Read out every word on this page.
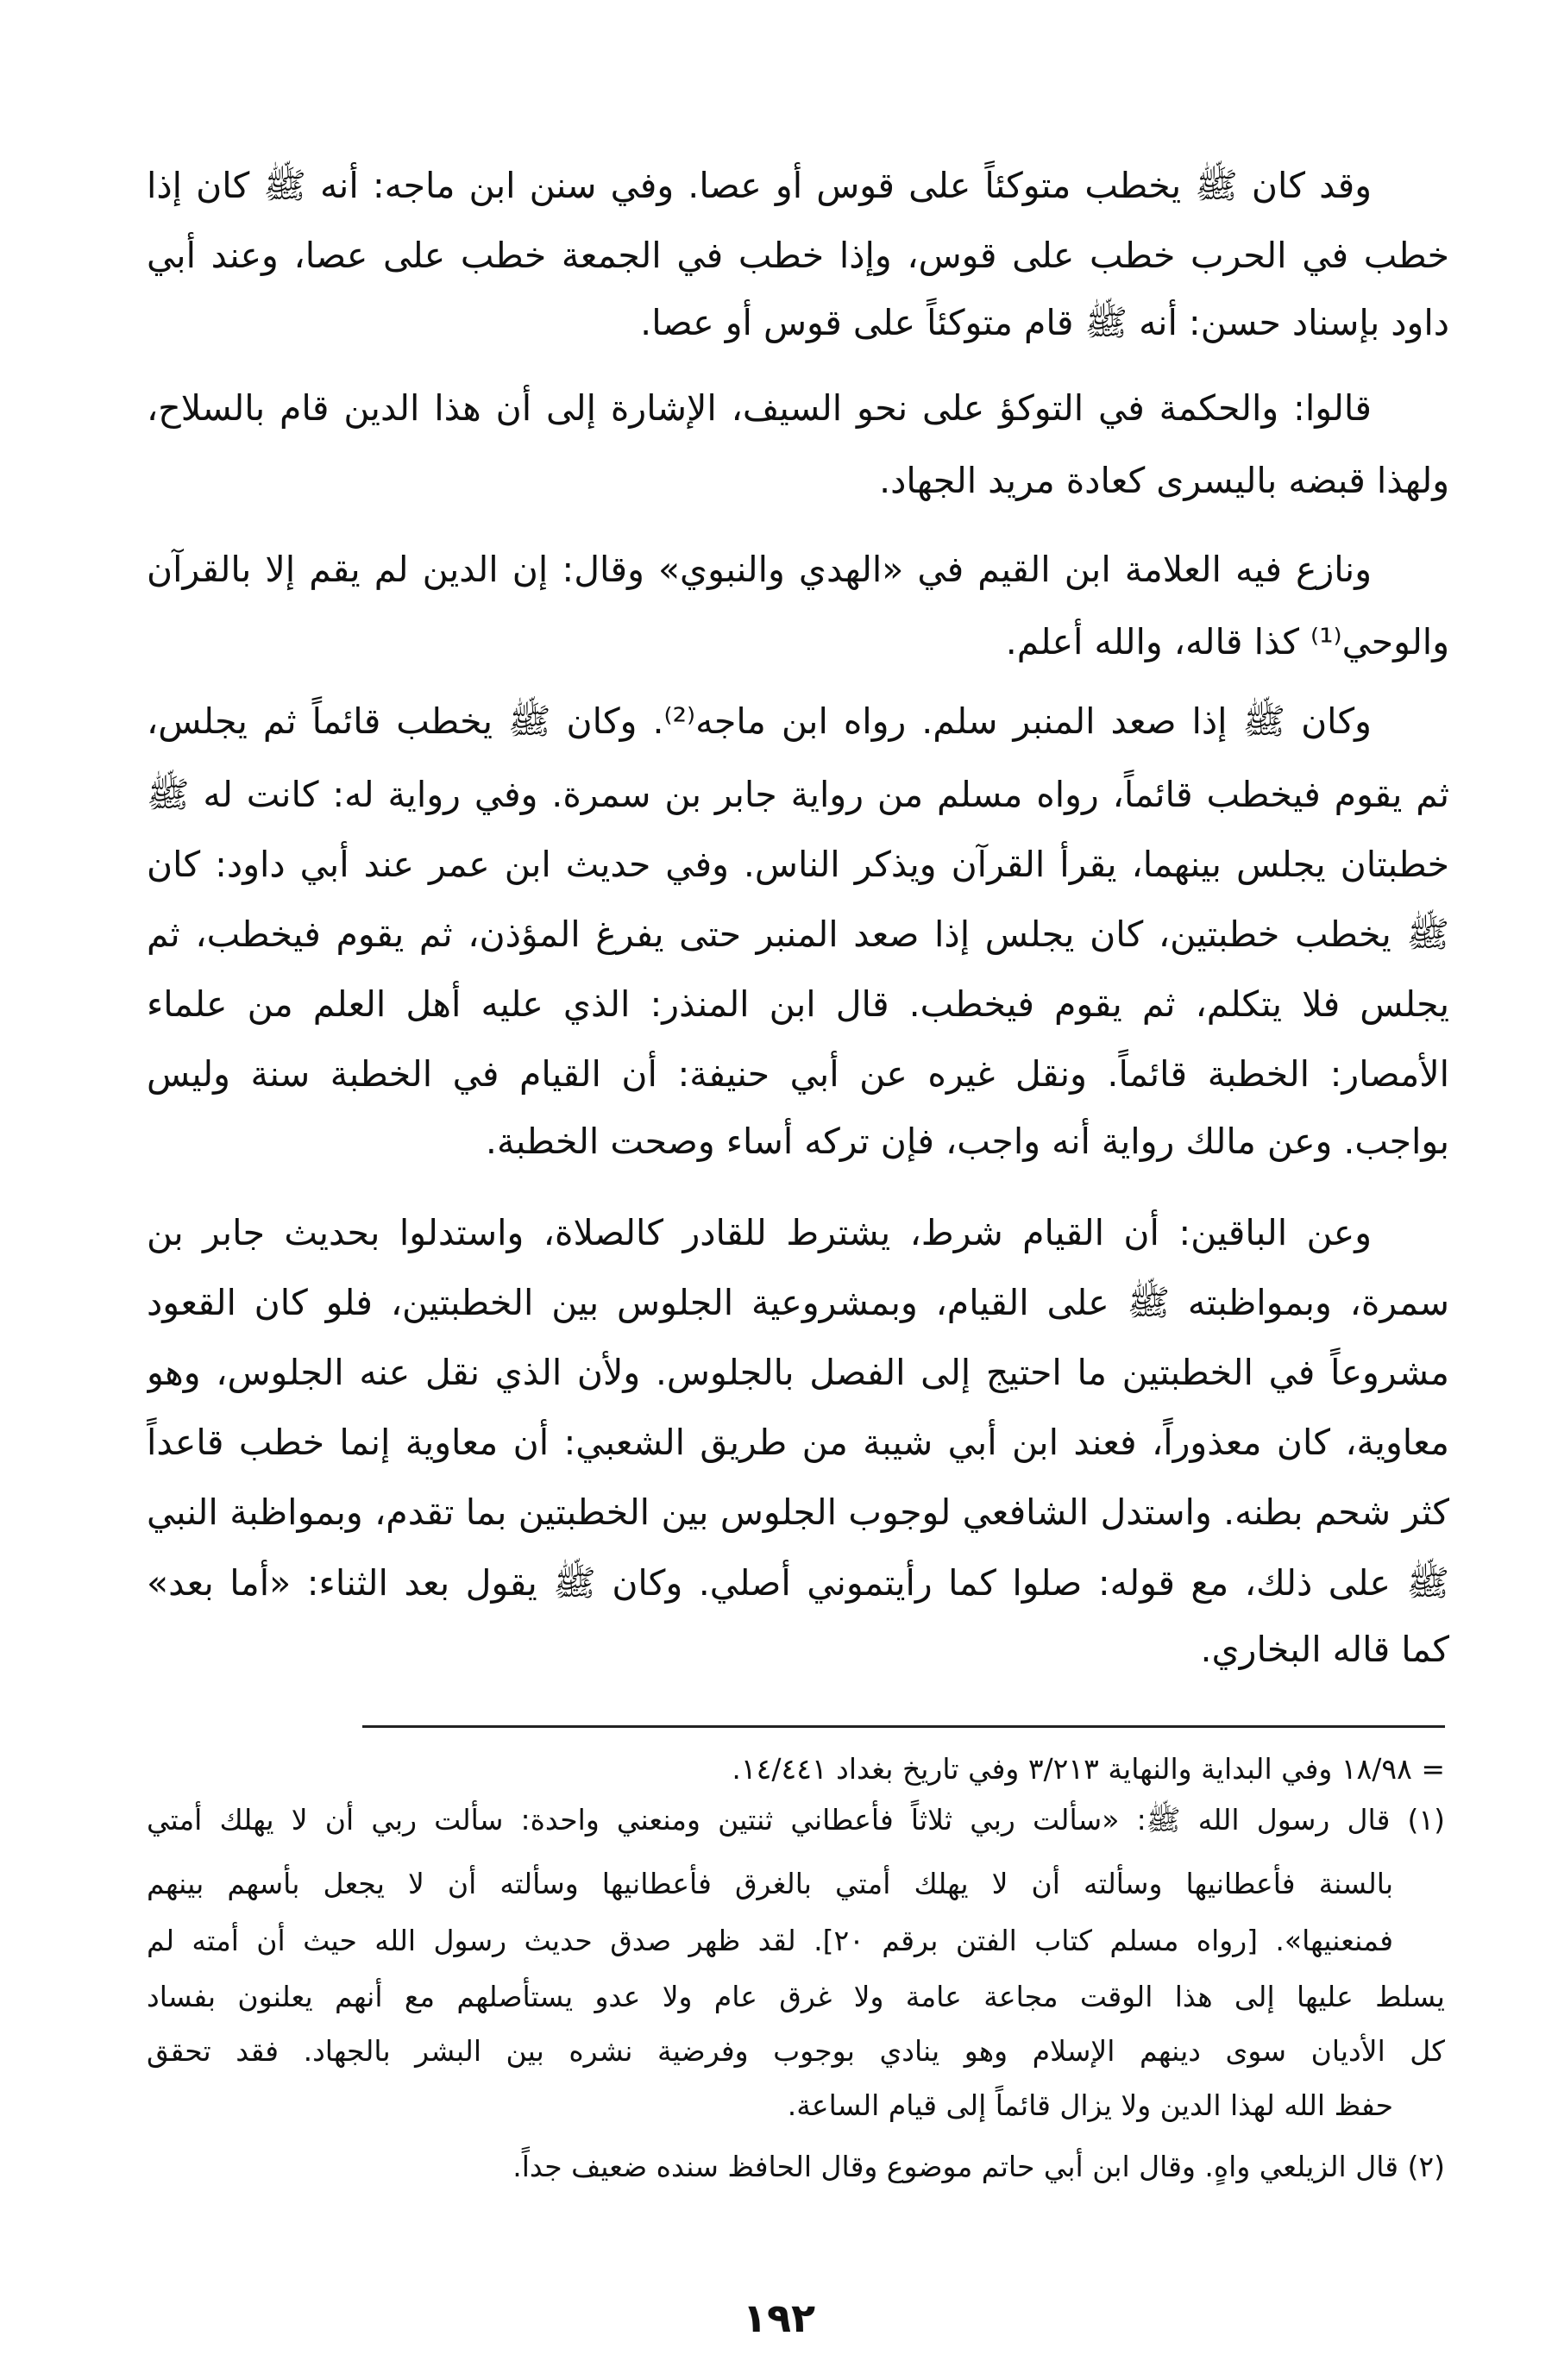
وقد كان ﷺ يخطب متوكئاً على قوس أو عصا. وفي سنن ابن ماجه: أنه ﷺ كان إذا
خطب في الحرب خطب على قوس، وإذا خطب في الجمعة خطب على عصا، وعند أبي
داود بإسناد حسن: أنه ﷺ قام متوكئاً على قوس أو عصا.
قالوا: والحكمة في التوكؤ على نحو السيف، الإشارة إلى أن هذا الدين قام بالسلاح،
ولهذا قبضه باليسرى كعادة مريد الجهاد.
ونازع فيه العلامة ابن القيم في «الهدي والنبوي» وقال: إن الدين لم يقم إلا بالقرآن
والوحي⁽¹⁾ كذا قاله، والله أعلم.
وكان ﷺ إذا صعد المنبر سلم. رواه ابن ماجه⁽²⁾. وكان ﷺ يخطب قائماً ثم يجلس،
ثم يقوم فيخطب قائماً، رواه مسلم من رواية جابر بن سمرة. وفي رواية له: كانت له ﷺ
خطبتان يجلس بينهما، يقرأ القرآن ويذكر الناس. وفي حديث ابن عمر عند أبي داود: كان
ﷺ يخطب خطبتين، كان يجلس إذا صعد المنبر حتى يفرغ المؤذن، ثم يقوم فيخطب، ثم
يجلس فلا يتكلم، ثم يقوم فيخطب. قال ابن المنذر: الذي عليه أهل العلم من علماء
الأمصار: الخطبة قائماً. ونقل غيره عن أبي حنيفة: أن القيام في الخطبة سنة وليس
بواجب. وعن مالك رواية أنه واجب، فإن تركه أساء وصحت الخطبة.
وعن الباقين: أن القيام شرط، يشترط للقادر كالصلاة، واستدلوا بحديث جابر بن
سمرة، وبمواظبته ﷺ على القيام، وبمشروعية الجلوس بين الخطبتين، فلو كان القعود
مشروعاً في الخطبتين ما احتيج إلى الفصل بالجلوس. ولأن الذي نقل عنه الجلوس، وهو
معاوية، كان معذوراً، فعند ابن أبي شيبة من طريق الشعبي: أن معاوية إنما خطب قاعداً
كثر شحم بطنه. واستدل الشافعي لوجوب الجلوس بين الخطبتين بما تقدم، وبمواظبة النبي
ﷺ على ذلك، مع قوله: صلوا كما رأيتموني أصلي. وكان ﷺ يقول بعد الثناء: «أما بعد»
كما قاله البخاري.
= ١٨/٩٨ وفي البداية والنهاية ٣/٢١٣ وفي تاريخ بغداد ١٤/٤٤١.
(١) قال رسول الله ﷺ: «سألت ربي ثلاثاً فأعطاني ثنتين ومنعني واحدة: سألت ربي أن لا يهلك أمتي
بالسنة فأعطانيها وسألته أن لا يهلك أمتي بالغرق فأعطانيها وسألته أن لا يجعل بأسهم بينهم
فمنعنيها». [رواه مسلم كتاب الفتن برقم ٢٠]. لقد ظهر صدق حديث رسول الله حيث أن أمته لم
يسلط عليها إلى هذا الوقت مجاعة عامة ولا غرق عام ولا عدو يستأصلهم مع أنهم يعلنون بفساد
كل الأديان سوى دينهم الإسلام وهو ينادي بوجوب وفرضية نشره بين البشر بالجهاد. فقد تحقق
حفظ الله لهذا الدين ولا يزال قائماً إلى قيام الساعة.
(٢) قال الزيلعي واهٍ. وقال ابن أبي حاتم موضوع وقال الحافظ سنده ضعيف جداً.
١٩٢
